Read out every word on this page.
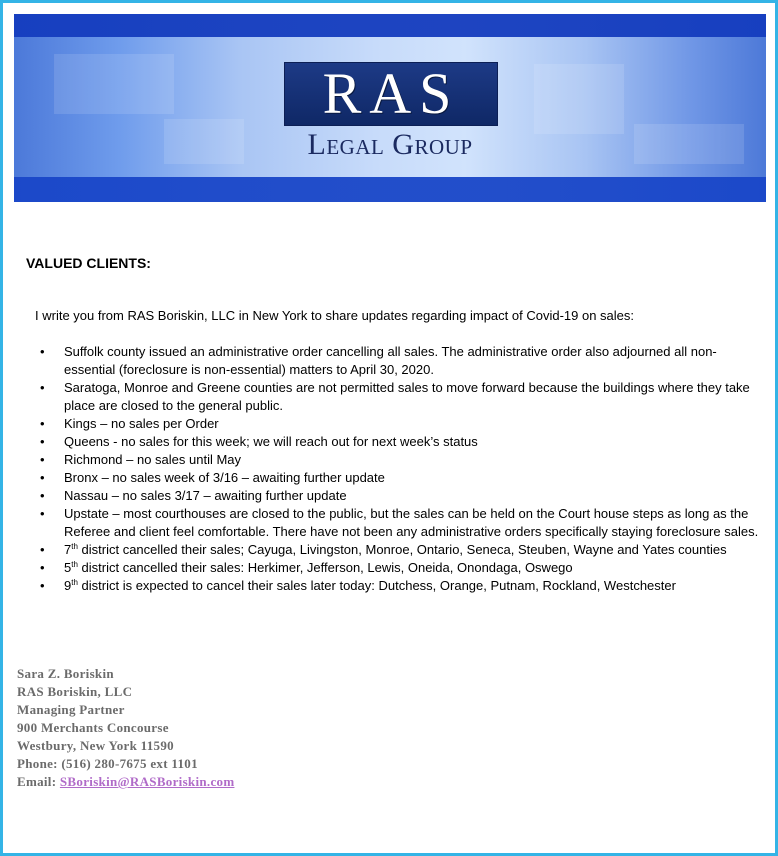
RAS
Legal Group
VALUED CLIENTS:
I write you from RAS Boriskin, LLC in New York to share updates regarding impact of Covid-19 on sales:
• Suffolk county issued an administrative order cancelling all sales. The administrative order also adjourned all non-essential (foreclosure is non-essential) matters to April 30, 2020.
• Saratoga, Monroe and Greene counties are not permitted sales to move forward because the buildings where they take place are closed to the general public.
• Kings – no sales per Order
• Queens - no sales for this week; we will reach out for next week’s status
• Richmond – no sales until May
• Bronx – no sales week of 3/16 – awaiting further update
• Nassau – no sales 3/17 – awaiting further update
• Upstate – most courthouses are closed to the public, but the sales can be held on the Court house steps as long as the Referee and client feel comfortable. There have not been any administrative orders specifically staying foreclosure sales.
• 7th district cancelled their sales; Cayuga, Livingston, Monroe, Ontario, Seneca, Steuben, Wayne and Yates counties
• 5th district cancelled their sales: Herkimer, Jefferson, Lewis, Oneida, Onondaga, Oswego
• 9th district is expected to cancel their sales later today: Dutchess, Orange, Putnam, Rockland, Westchester
Sara Z. Boriskin
RAS Boriskin, LLC
Managing Partner
900 Merchants Concourse
Westbury, New York 11590
Phone: (516) 280-7675 ext 1101
Email: SBoriskin@RASBoriskin.com
